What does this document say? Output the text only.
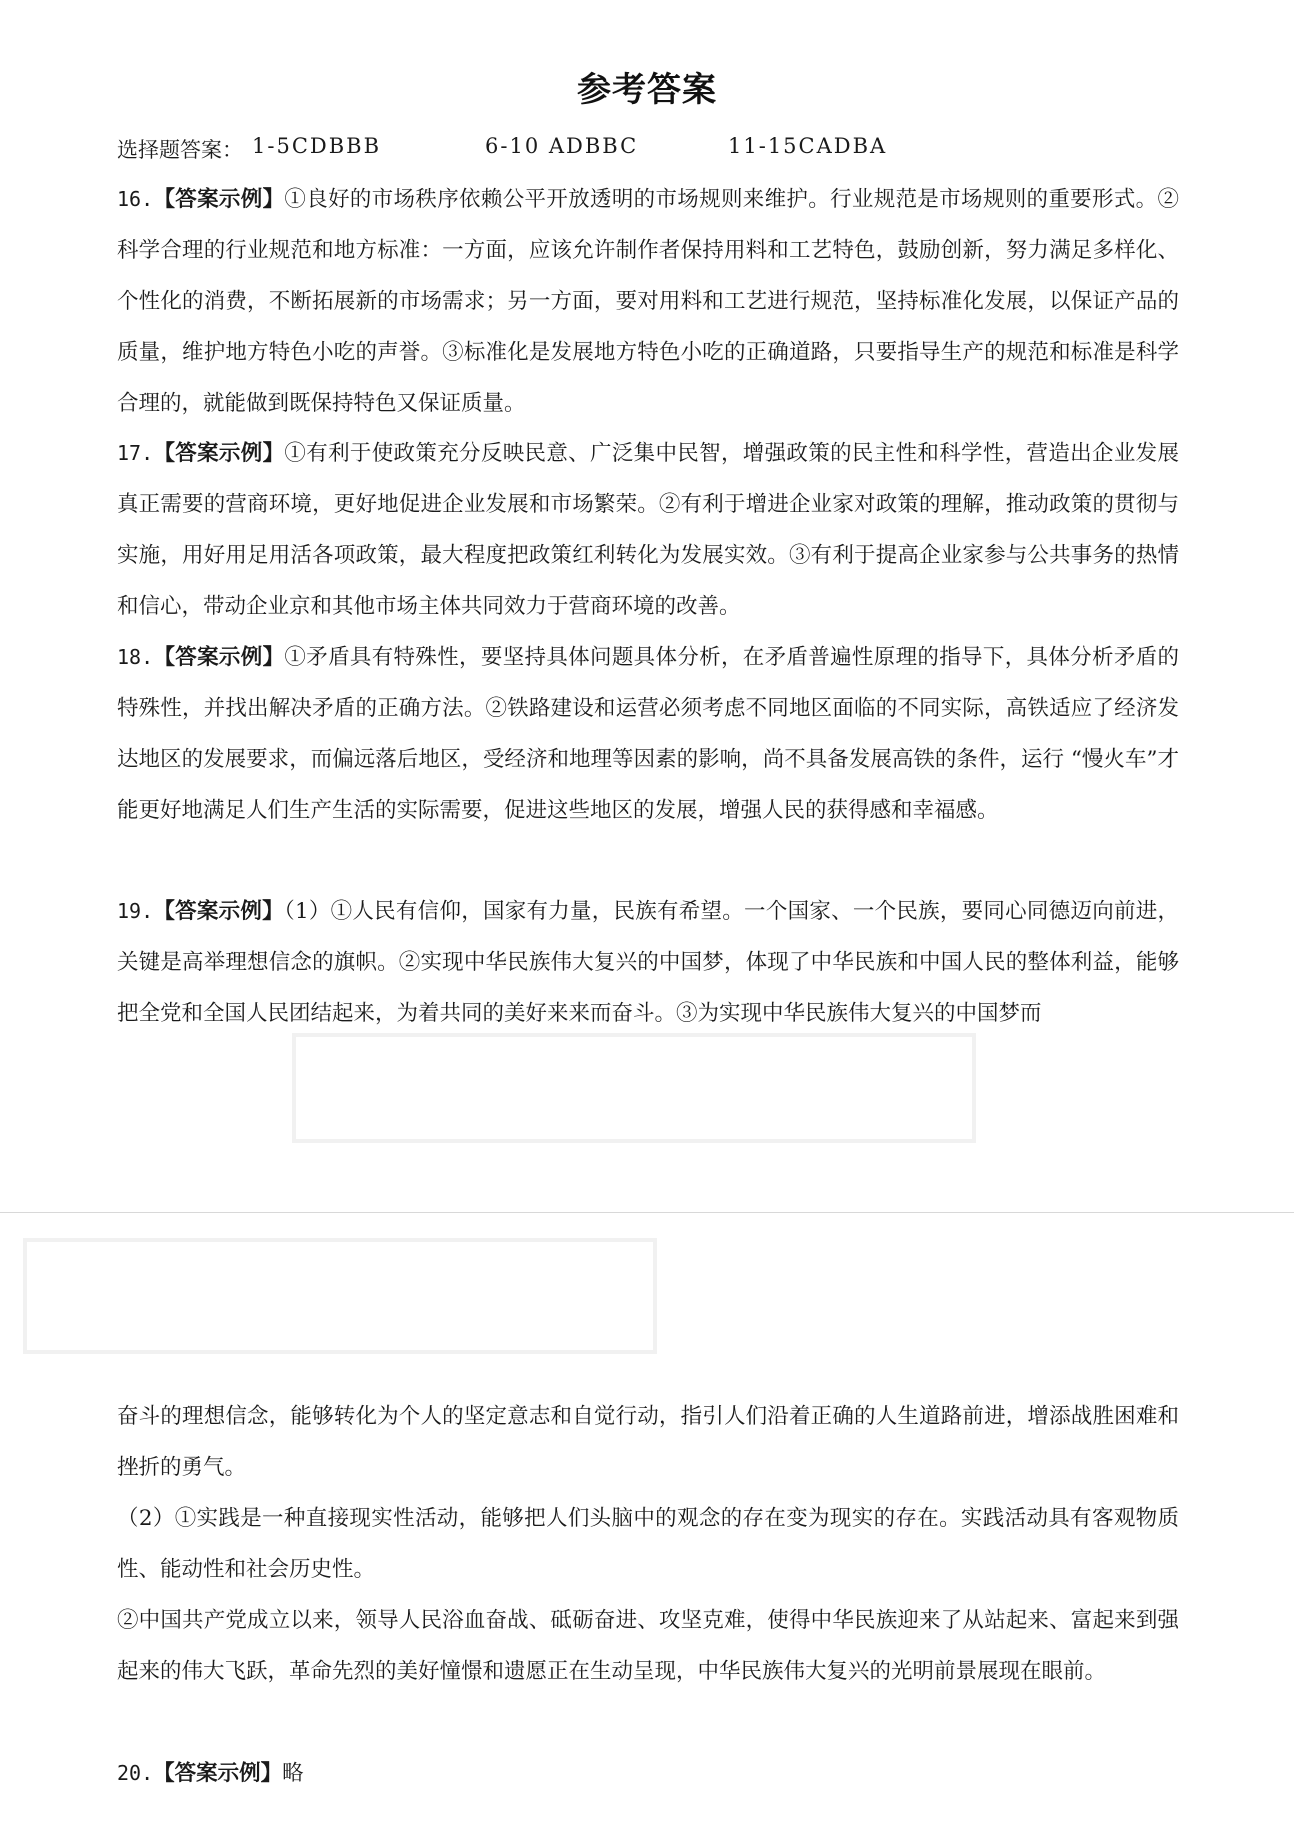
参考答案
选择题答案： 1-5CDBBB	6-10 ADBBC	11-15CADBA

16.【答案示例】①良好的市场秩序依赖公平开放透明的市场规则来维护。行业规范是市场规则的重要形式。②科学合理的行业规范和地方标准：一方面，应该允许制作者保持用料和工艺特色，鼓励创新，努力满足多样化、个性化的消费，不断拓展新的市场需求；另一方面，要对用料和工艺进行规范，坚持标准化发展，以保证产品的质量，维护地方特色小吃的声誉。③标准化是发展地方特色小吃的正确道路，只要指导生产的规范和标准是科学合理的，就能做到既保持特色又保证质量。

17.【答案示例】①有利于使政策充分反映民意、广泛集中民智，增强政策的民主性和科学性，营造出企业发展真正需要的营商环境，更好地促进企业发展和市场繁荣。②有利于增进企业家对政策的理解，推动政策的贯彻与实施，用好用足用活各项政策，最大程度把政策红利转化为发展实效。③有利于提高企业家参与公共事务的热情和信心，带动企业京和其他市场主体共同效力于营商环境的改善。

18.【答案示例】①矛盾具有特殊性，要坚持具体问题具体分析，在矛盾普遍性原理的指导下，具体分析矛盾的特殊性，并找出解决矛盾的正确方法。②铁路建设和运营必须考虑不同地区面临的不同实际，高铁适应了经济发达地区的发展要求，而偏远落后地区，受经济和地理等因素的影响，尚不具备发展高铁的条件，运行 “慢火车”才能更好地满足人们生产生活的实际需要，促进这些地区的发展，增强人民的获得感和幸福感。

19.【答案示例】（1）①人民有信仰，国家有力量，民族有希望。一个国家、一个民族，要同心同德迈向前进，关键是高举理想信念的旗帜。②实现中华民族伟大复兴的中国梦，体现了中华民族和中国人民的整体利益，能够把全党和全国人民团结起来，为着共同的美好来来而奋斗。③为实现中华民族伟大复兴的中国梦而

奋斗的理想信念，能够转化为个人的坚定意志和自觉行动，指引人们沿着正确的人生道路前进，增添战胜困难和挫折的勇气。

（2）①实践是一种直接现实性活动，能够把人们头脑中的观念的存在变为现实的存在。实践活动具有客观物质性、能动性和社会历史性。

②中国共产党成立以来，领导人民浴血奋战、砥砺奋进、攻坚克难，使得中华民族迎来了从站起来、富起来到强起来的伟大飞跃，革命先烈的美好憧憬和遗愿正在生动呈现，中华民族伟大复兴的光明前景展现在眼前。

20.【答案示例】略
